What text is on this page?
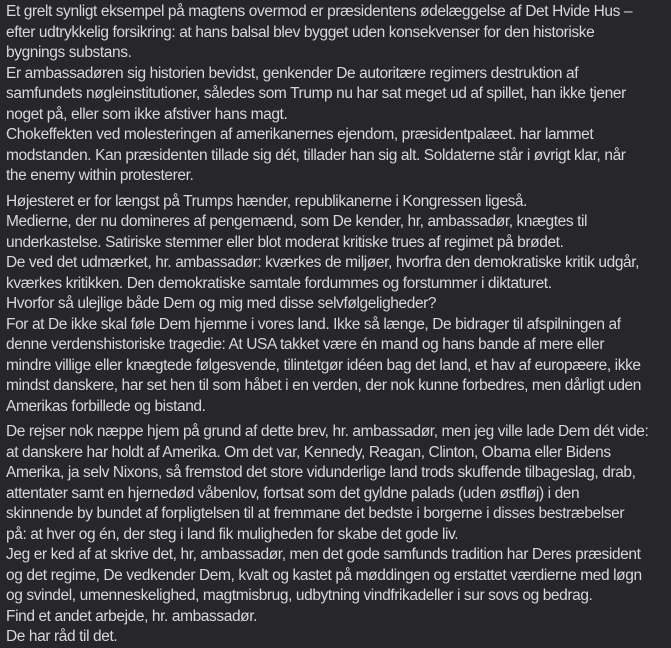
Et grelt synligt eksempel på magtens overmod er præsidentens ødelæggelse af Det Hvide Hus –
efter udtrykkelig forsikring: at hans balsal blev bygget uden konsekvenser for den historiske
bygnings substans.
Er ambassadøren sig historien bevidst, genkender De autoritære regimers destruktion af
samfundets nøgleinstitutioner, således som Trump nu har sat meget ud af spillet, han ikke tjener
noget på, eller som ikke afstiver hans magt.
Chokeffekten ved molesteringen af amerikanernes ejendom, præsidentpalæet. har lammet
modstanden. Kan præsidenten tillade sig dét, tillader han sig alt. Soldaterne står i øvrigt klar, når
the enemy within protesterer.
Højesteret er for længst på Trumps hænder, republikanerne i Kongressen ligeså.
Medierne, der nu domineres af pengemænd, som De kender, hr, ambassadør, knægtes til
underkastelse. Satiriske stemmer eller blot moderat kritiske trues af regimet på brødet.
De ved det udmærket, hr. ambassadør: kværkes de miljøer, hvorfra den demokratiske kritik udgår,
kværkes kritikken. Den demokratiske samtale fordummes og forstummer i diktaturet.
Hvorfor så ulejlige både Dem og mig med disse selvfølgeligheder?
For at De ikke skal føle Dem hjemme i vores land. Ikke så længe, De bidrager til afspilningen af
denne verdenshistoriske tragedie: At USA takket være én mand og hans bande af mere eller
mindre villige eller knægtede følgesvende, tilintetgør idéen bag det land, et hav af europæere, ikke
mindst danskere, har set hen til som håbet i en verden, der nok kunne forbedres, men dårligt uden
Amerikas forbillede og bistand.
De rejser nok næppe hjem på grund af dette brev, hr. ambassadør, men jeg ville lade Dem dét vide:
at danskere har holdt af Amerika. Om det var, Kennedy, Reagan, Clinton, Obama eller Bidens
Amerika, ja selv Nixons, så fremstod det store vidunderlige land trods skuffende tilbageslag, drab,
attentater samt en hjernedød våbenlov, fortsat som det gyldne palads (uden østfløj) i den
skinnende by bundet af forpligtelsen til at fremmane det bedste i borgerne i disses bestræbelser
på: at hver og én, der steg i land fik muligheden for skabe det gode liv.
Jeg er ked af at skrive det, hr, ambassadør, men det gode samfunds tradition har Deres præsident
og det regime, De vedkender Dem, kvalt og kastet på møddingen og erstattet værdierne med løgn
og svindel, umenneskelighed, magtmisbrug, udbytning vindfrikadeller i sur sovs og bedrag.
Find et andet arbejde, hr. ambassadør.
De har råd til det.
